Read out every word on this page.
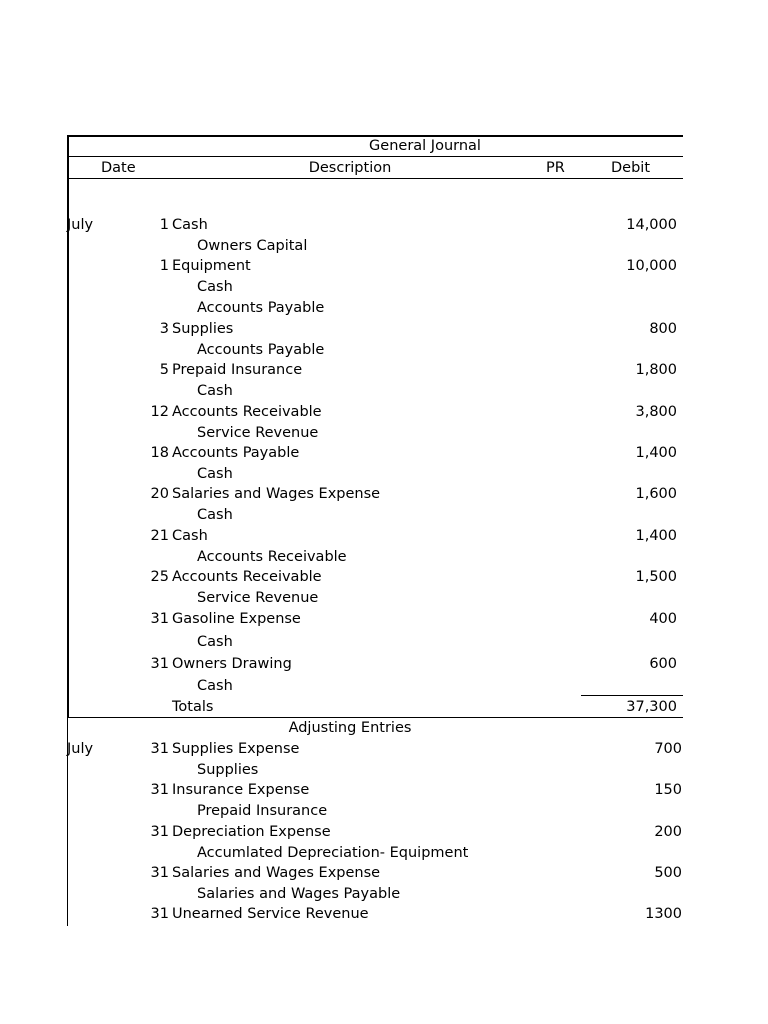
General Journal
Date	Description	PR	Debit
July	1 Cash	14,000
Owners Capital
1 Equipment	10,000
Cash
Accounts Payable
3 Supplies	800
Accounts Payable
5 Prepaid Insurance	1,800
Cash
12 Accounts Receivable	3,800
Service Revenue
18 Accounts Payable	1,400
Cash
20 Salaries and Wages Expense	1,600
Cash
21 Cash	1,400
Accounts Receivable
25 Accounts Receivable	1,500
Service Revenue
31 Gasoline Expense	400
Cash
31 Owners Drawing	600
Cash
Totals	37,300
Adjusting Entries
July	31 Supplies Expense	700
Supplies
31 Insurance Expense	150
Prepaid Insurance
31 Depreciation Expense	200
Accumlated Depreciation- Equipment
31 Salaries and Wages Expense	500
Salaries and Wages Payable
31 Unearned Service Revenue	1300
